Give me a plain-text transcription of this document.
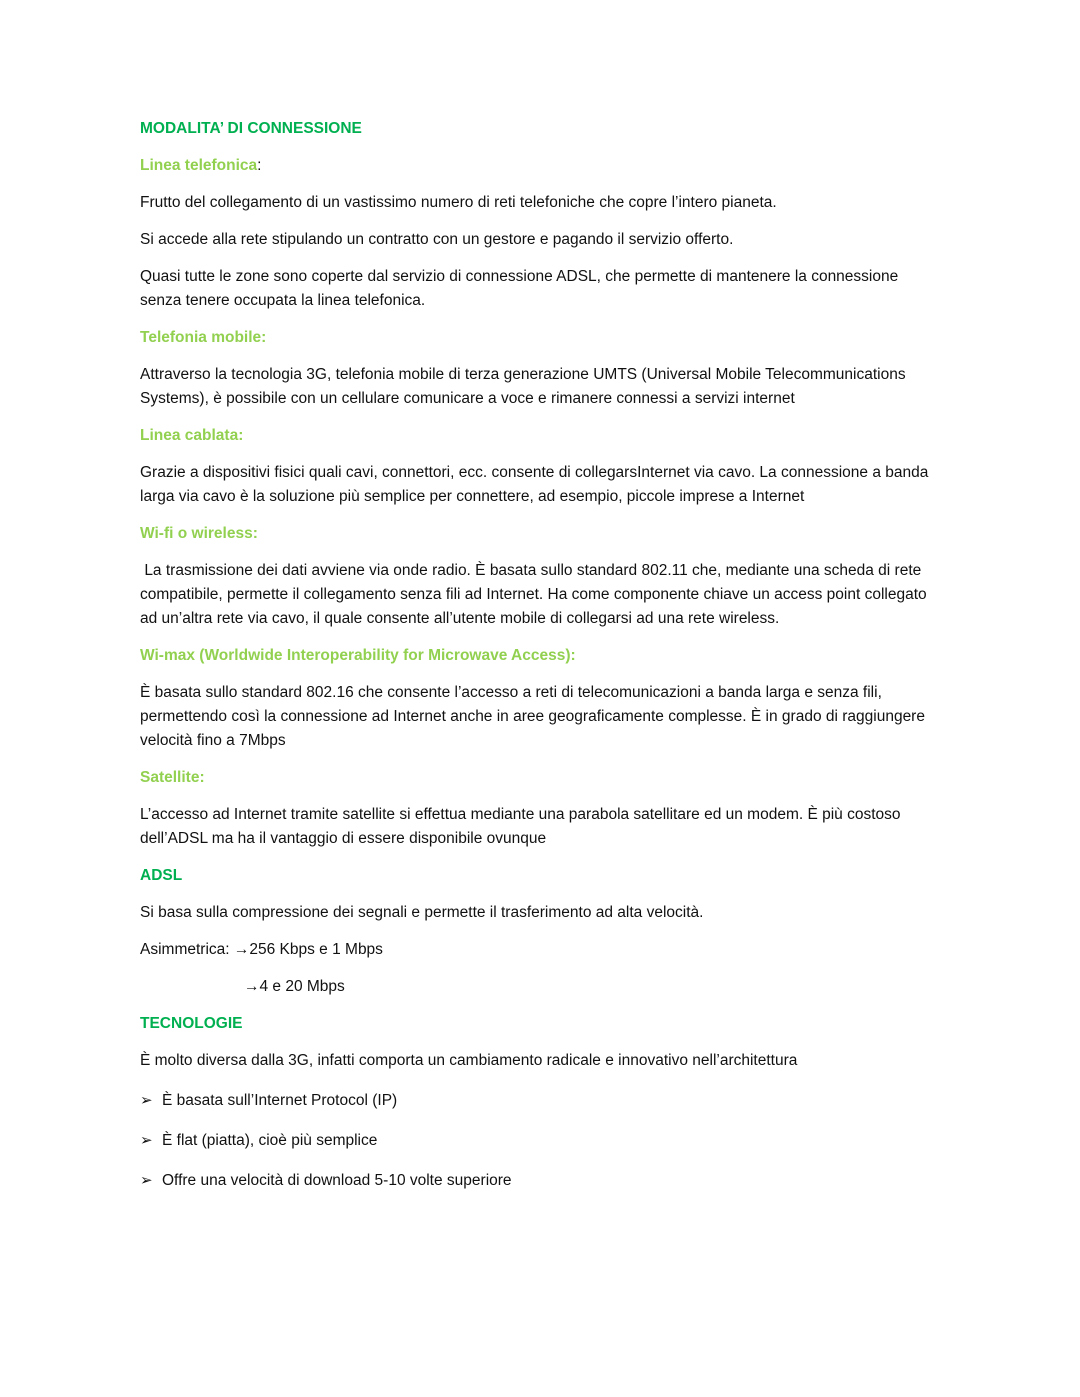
MODALITA’ DI CONNESSIONE
Linea telefonica:
Frutto del collegamento di un vastissimo numero di reti telefoniche che copre l’intero pianeta.
Si accede alla rete stipulando un contratto con un gestore e pagando il servizio offerto.
Quasi tutte le zone sono coperte dal servizio di connessione ADSL, che permette di mantenere la connessione senza tenere occupata la linea telefonica.
Telefonia mobile:
Attraverso la tecnologia 3G, telefonia mobile di terza generazione UMTS (Universal Mobile Telecommunications Systems), è possibile con un cellulare comunicare a voce e rimanere connessi a servizi internet
Linea cablata:
Grazie a dispositivi fisici quali cavi, connettori, ecc. consente di collegarsInternet via cavo. La connessione a banda larga via cavo è la soluzione più semplice per connettere, ad esempio, piccole imprese a Internet
Wi-fi o wireless:
La trasmissione dei dati avviene via onde radio. È basata sullo standard 802.11 che, mediante una scheda di rete compatibile, permette il collegamento senza fili ad Internet. Ha come componente chiave un access point collegato ad un’altra rete via cavo, il quale consente all’utente mobile di collegarsi ad una rete wireless.
Wi-max (Worldwide Interoperability for Microwave Access):
È basata sullo standard 802.16 che consente l’accesso a reti di telecomunicazioni a banda larga e senza fili, permettendo così la connessione ad Internet anche in aree geograficamente complesse. È in grado di raggiungere velocità fino a 7Mbps
Satellite:
L’accesso ad Internet tramite satellite si effettua mediante una parabola satellitare ed un modem. È più costoso dell’ADSL ma ha il vantaggio di essere disponibile ovunque
ADSL
Si basa sulla compressione dei segnali e permette il trasferimento ad alta velocità.
Asimmetrica: →256 Kbps e 1 Mbps
→4 e 20 Mbps
TECNOLOGIE
È molto diversa dalla 3G, infatti comporta un cambiamento radicale e innovativo nell’architettura
➢ È basata sull’Internet Protocol (IP)
➢ È flat (piatta), cioè più semplice
➢ Offre una velocità di download 5-10 volte superiore
